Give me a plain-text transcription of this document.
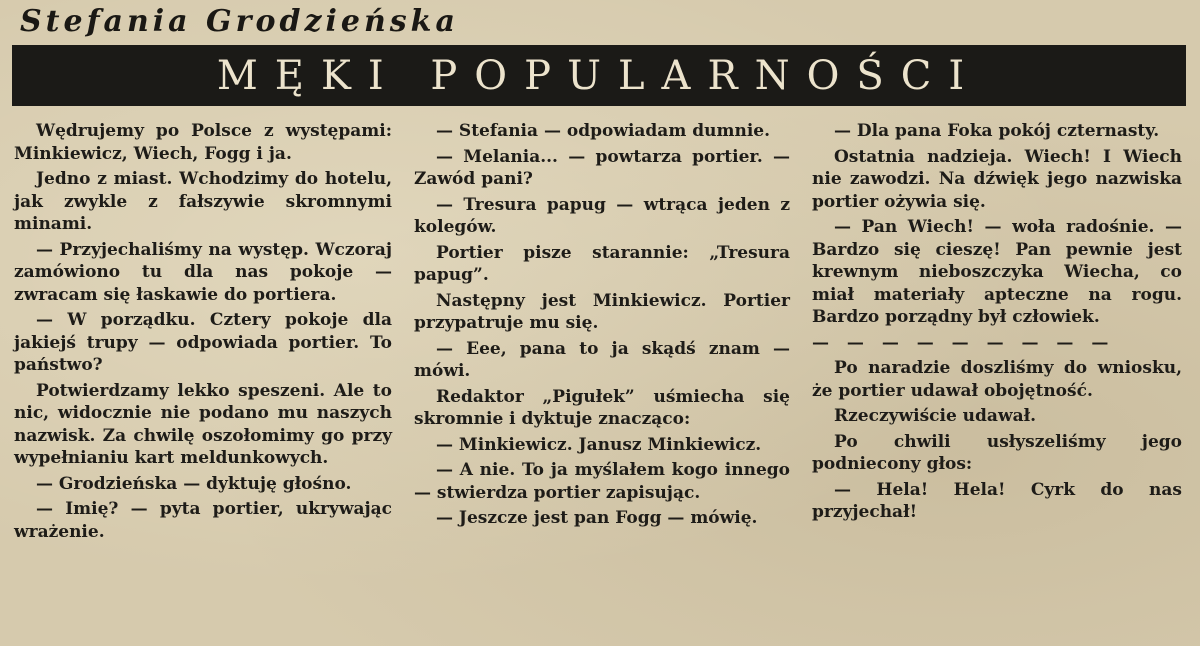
Stefania Grodzieńska
MĘKI POPULARNOŚCI

Wędrujemy po Polsce z występami: Minkiewicz, Wiech, Fogg i ja.

Jedno z miast. Wchodzimy do hotelu, jak zwykle z fałszywie skromnymi minami.

— Przyjechaliśmy na występ. Wczoraj zamówiono tu dla nas pokoje — zwracam się łaskawie do portiera.

— W porządku. Cztery pokoje dla jakiejś trupy — odpowiada portier. To państwo?

Potwierdzamy lekko speszeni. Ale to nic, widocznie nie podano mu naszych nazwisk. Za chwilę oszołomimy go przy wypełnianiu kart meldunkowych.

— Grodzieńska — dyktuję głośno.

— Imię? — pyta portier, ukrywając wrażenie.

— Stefania — odpowiadam dumnie.

— Melania... — powtarza portier. — Zawód pani?

— Tresura papug — wtrąca jeden z kolegów.

Portier pisze starannie: „Tresura papug”.

Następny jest Minkiewicz. Portier przypatruje mu się.

— Eee, pana to ja skądś znam — mówi.

Redaktor „Pigułek” uśmiecha się skromnie i dyktuje znacząco:

— Minkiewicz. Janusz Minkiewicz.

— A nie. To ja myślałem kogo innego — stwierdza portier zapisując.

— Jeszcze jest pan Fogg — mówię.

— Dla pana Foka pokój czternasty.

Ostatnia nadzieja. Wiech! I Wiech nie zawodzi. Na dźwięk jego nazwiska portier ożywia się.

— Pan Wiech! — woła radośnie. — Bardzo się cieszę! Pan pewnie jest krewnym nieboszczyka Wiecha, co miał materiały apteczne na rogu. Bardzo porządny był człowiek.

— — — — — — — — —

Po naradzie doszliśmy do wniosku, że portier udawał obojętność.

Rzeczywiście udawał.

Po chwili usłyszeliśmy jego podniecony głos:

— Hela! Hela! Cyrk do nas przyjechał!
